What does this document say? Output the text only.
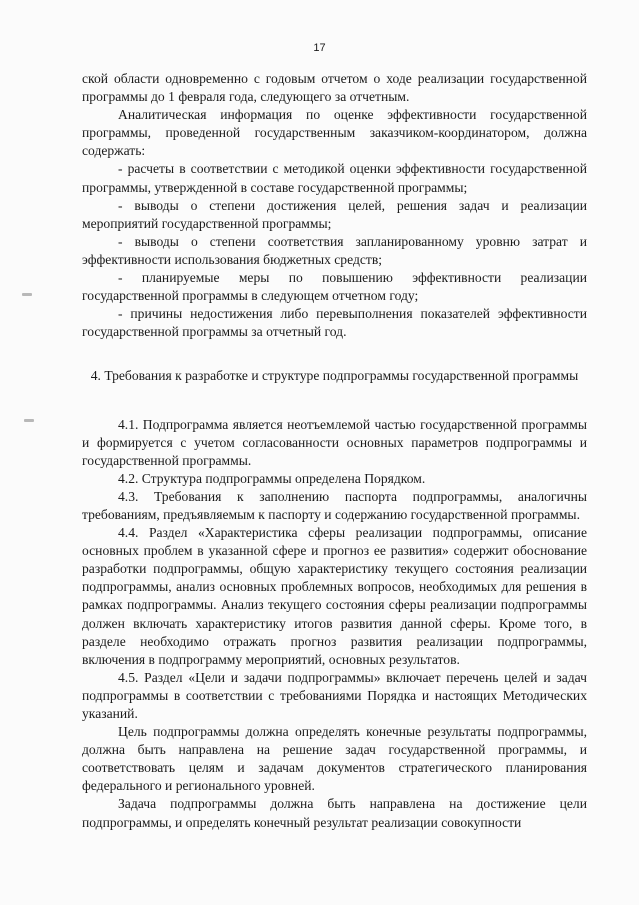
17

ской области одновременно с годовым отчетом о ходе реализации государственной программы до 1 февраля года, следующего за отчетным.

Аналитическая информация по оценке эффективности государственной программы, проведенной государственным заказчиком-координатором, должна содержать:

- расчеты в соответствии с методикой оценки эффективности государственной программы, утвержденной в составе государственной программы;

- выводы о степени достижения целей, решения задач и реализации мероприятий государственной программы;

- выводы о степени соответствия запланированному уровню затрат и эффективности использования бюджетных средств;

- планируемые меры по повышению эффективности реализации государственной программы в следующем отчетном году;

- причины недостижения либо перевыполнения показателей эффективности государственной программы за отчетный год.

4. Требования к разработке и структуре подпрограммы государственной программы

4.1. Подпрограмма является неотъемлемой частью государственной программы и формируется с учетом согласованности основных параметров подпрограммы и государственной программы.

4.2. Структура подпрограммы определена Порядком.

4.3. Требования к заполнению паспорта подпрограммы, аналогичны требованиям, предъявляемым к паспорту и содержанию государственной программы.

4.4. Раздел «Характеристика сферы реализации подпрограммы, описание основных проблем в указанной сфере и прогноз ее развития» содержит обоснование разработки подпрограммы, общую характеристику текущего состояния реализации подпрограммы, анализ основных проблемных вопросов, необходимых для решения в рамках подпрограммы. Анализ текущего состояния сферы реализации подпрограммы должен включать характеристику итогов развития данной сферы. Кроме того, в разделе необходимо отражать прогноз развития реализации подпрограммы, включения в подпрограмму мероприятий, основных результатов.

4.5. Раздел «Цели и задачи подпрограммы» включает перечень целей и задач подпрограммы в соответствии с требованиями Порядка и настоящих Методических указаний.

Цель подпрограммы должна определять конечные результаты подпрограммы, должна быть направлена на решение задач государственной программы, и соответствовать целям и задачам документов стратегического планирования федерального и регионального уровней.

Задача подпрограммы должна быть направлена на достижение цели подпрограммы, и определять конечный результат реализации совокупности
